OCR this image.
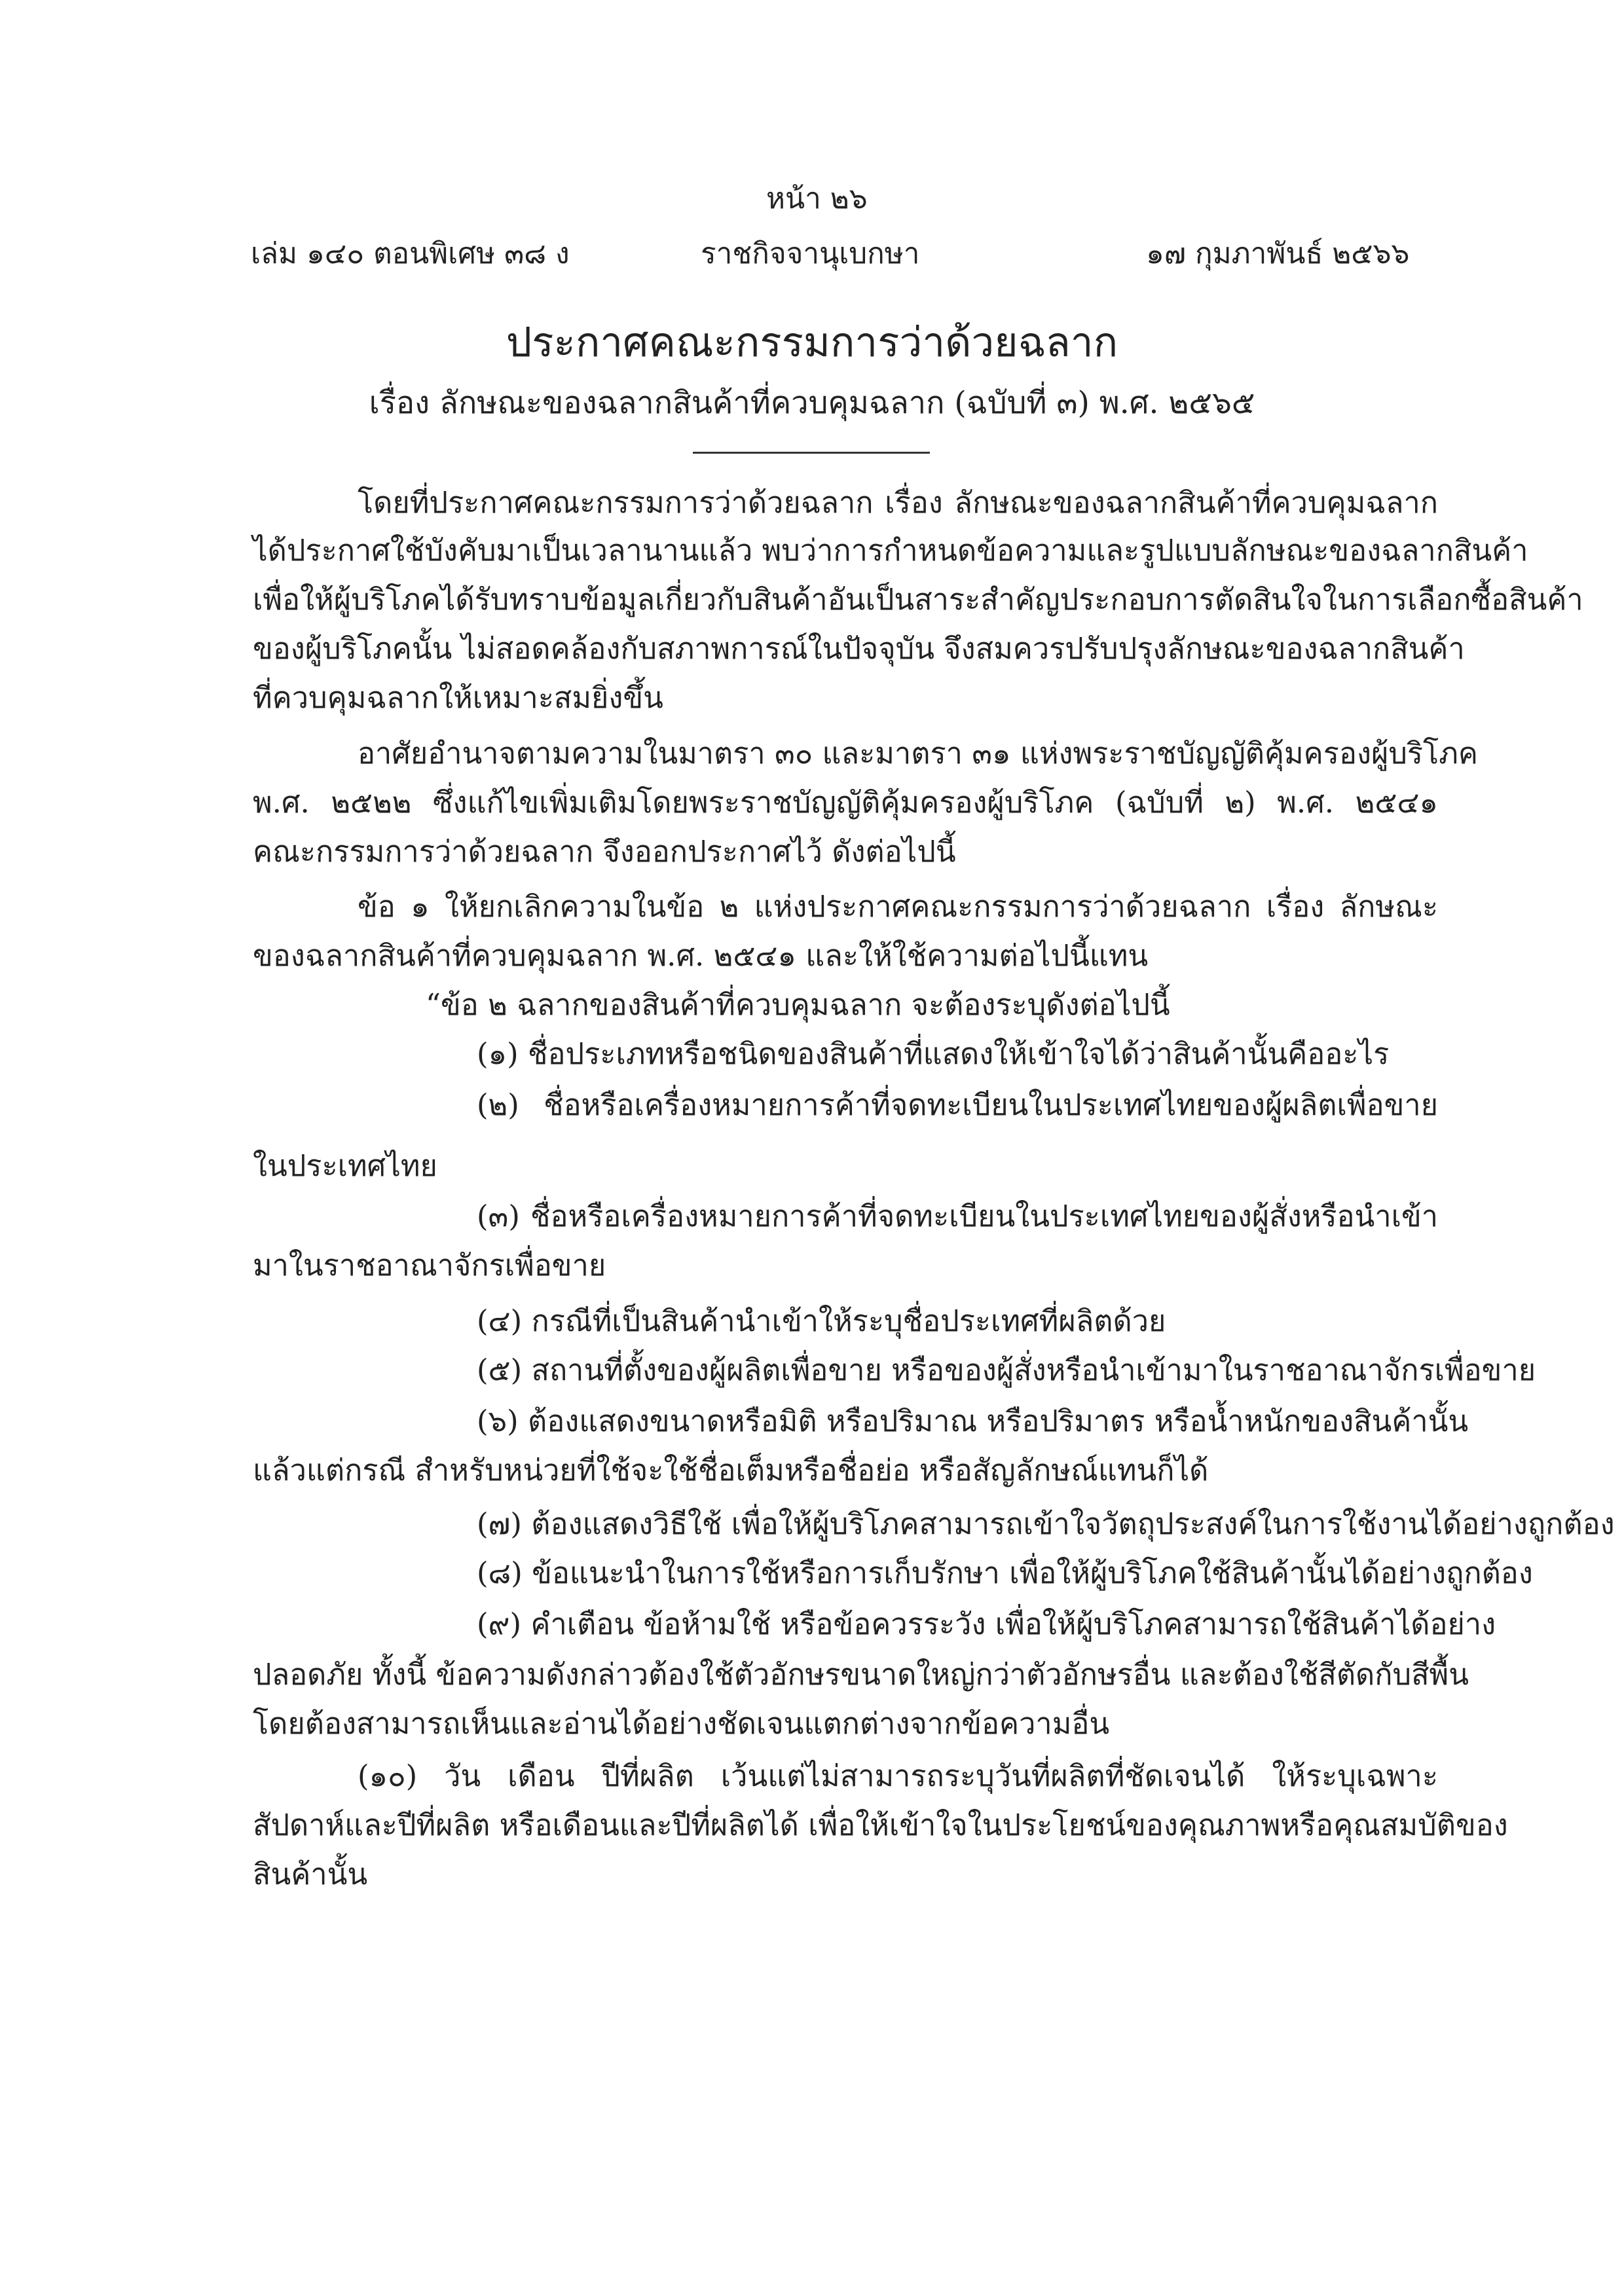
หน้า ๒๖
เล่ม ๑๔๐ ตอนพิเศษ ๓๘ ง	ราชกิจจานุเบกษา	๑๗ กุมภาพันธ์ ๒๕๖๖
ประกาศคณะกรรมการว่าด้วยฉลาก
เรื่อง ลักษณะของฉลากสินค้าที่ควบคุมฉลาก (ฉบับที่ ๓) พ.ศ. ๒๕๖๕
โดยที่ประกาศคณะกรรมการว่าด้วยฉลาก เรื่อง ลักษณะของฉลากสินค้าที่ควบคุมฉลาก
ได้ประกาศใช้บังคับมาเป็นเวลานานแล้ว พบว่าการกำหนดข้อความและรูปแบบลักษณะของฉลากสินค้า
เพื่อให้ผู้บริโภคได้รับทราบข้อมูลเกี่ยวกับสินค้าอันเป็นสาระสำคัญประกอบการตัดสินใจในการเลือกซื้อสินค้า
ของผู้บริโภคนั้น ไม่สอดคล้องกับสภาพการณ์ในปัจจุบัน จึงสมควรปรับปรุงลักษณะของฉลากสินค้า
ที่ควบคุมฉลากให้เหมาะสมยิ่งขึ้น
อาศัยอำนาจตามความในมาตรา ๓๐ และมาตรา ๓๑ แห่งพระราชบัญญัติคุ้มครองผู้บริโภค
พ.ศ. ๒๕๒๒ ซึ่งแก้ไขเพิ่มเติมโดยพระราชบัญญัติคุ้มครองผู้บริโภค (ฉบับที่ ๒) พ.ศ. ๒๕๔๑
คณะกรรมการว่าด้วยฉลาก จึงออกประกาศไว้ ดังต่อไปนี้
ข้อ ๑ ให้ยกเลิกความในข้อ ๒ แห่งประกาศคณะกรรมการว่าด้วยฉลาก เรื่อง ลักษณะ
ของฉลากสินค้าที่ควบคุมฉลาก พ.ศ. ๒๕๔๑ และให้ใช้ความต่อไปนี้แทน
“ข้อ ๒ ฉลากของสินค้าที่ควบคุมฉลาก จะต้องระบุดังต่อไปนี้
(๑) ชื่อประเภทหรือชนิดของสินค้าที่แสดงให้เข้าใจได้ว่าสินค้านั้นคืออะไร
(๒) ชื่อหรือเครื่องหมายการค้าที่จดทะเบียนในประเทศไทยของผู้ผลิตเพื่อขาย
ในประเทศไทย
(๓) ชื่อหรือเครื่องหมายการค้าที่จดทะเบียนในประเทศไทยของผู้สั่งหรือนำเข้า
มาในราชอาณาจักรเพื่อขาย
(๔) กรณีที่เป็นสินค้านำเข้าให้ระบุชื่อประเทศที่ผลิตด้วย
(๕) สถานที่ตั้งของผู้ผลิตเพื่อขาย หรือของผู้สั่งหรือนำเข้ามาในราชอาณาจักรเพื่อขาย
(๖) ต้องแสดงขนาดหรือมิติ หรือปริมาณ หรือปริมาตร หรือน้ำหนักของสินค้านั้น
แล้วแต่กรณี สำหรับหน่วยที่ใช้จะใช้ชื่อเต็มหรือชื่อย่อ หรือสัญลักษณ์แทนก็ได้
(๗) ต้องแสดงวิธีใช้ เพื่อให้ผู้บริโภคสามารถเข้าใจวัตถุประสงค์ในการใช้งานได้อย่างถูกต้อง
(๘) ข้อแนะนำในการใช้หรือการเก็บรักษา เพื่อให้ผู้บริโภคใช้สินค้านั้นได้อย่างถูกต้อง
(๙) คำเตือน ข้อห้ามใช้ หรือข้อควรระวัง เพื่อให้ผู้บริโภคสามารถใช้สินค้าได้อย่าง
ปลอดภัย ทั้งนี้ ข้อความดังกล่าวต้องใช้ตัวอักษรขนาดใหญ่กว่าตัวอักษรอื่น และต้องใช้สีตัดกับสีพื้น
โดยต้องสามารถเห็นและอ่านได้อย่างชัดเจนแตกต่างจากข้อความอื่น
(๑๐) วัน เดือน ปีที่ผลิต เว้นแต่ไม่สามารถระบุวันที่ผลิตที่ชัดเจนได้ ให้ระบุเฉพาะ
สัปดาห์และปีที่ผลิต หรือเดือนและปีที่ผลิตได้ เพื่อให้เข้าใจในประโยชน์ของคุณภาพหรือคุณสมบัติของ
สินค้านั้น
